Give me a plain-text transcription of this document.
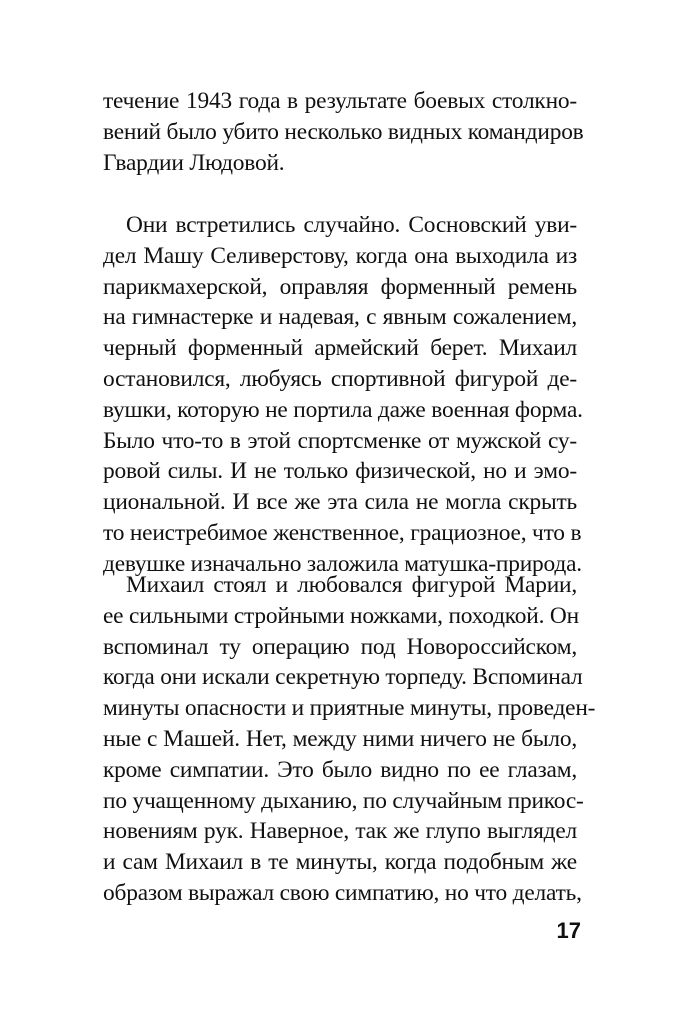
течение 1943 года в результате боевых столкно-
вений было убито несколько видных командиров
Гвардии Людовой.
Они встретились случайно. Сосновский уви-
дел Машу Селиверстову, когда она выходила из
парикмахерской, оправляя форменный ремень
на гимнастерке и надевая, с явным сожалением,
черный форменный армейский берет. Михаил
остановился, любуясь спортивной фигурой де-
вушки, которую не портила даже военная форма.
Было что-то в этой спортсменке от мужской су-
ровой силы. И не только физической, но и эмо-
циональной. И все же эта сила не могла скрыть
то неистребимое женственное, грациозное, что в
девушке изначально заложила матушка-природа.
Михаил стоял и любовался фигурой Марии,
ее сильными стройными ножками, походкой. Он
вспоминал ту операцию под Новороссийском,
когда они искали секретную торпеду. Вспоминал
минуты опасности и приятные минуты, проведен-
ные с Машей. Нет, между ними ничего не было,
кроме симпатии. Это было видно по ее глазам,
по учащенному дыханию, по случайным прикос-
новениям рук. Наверное, так же глупо выглядел
и сам Михаил в те минуты, когда подобным же
образом выражал свою симпатию, но что делать,
17
